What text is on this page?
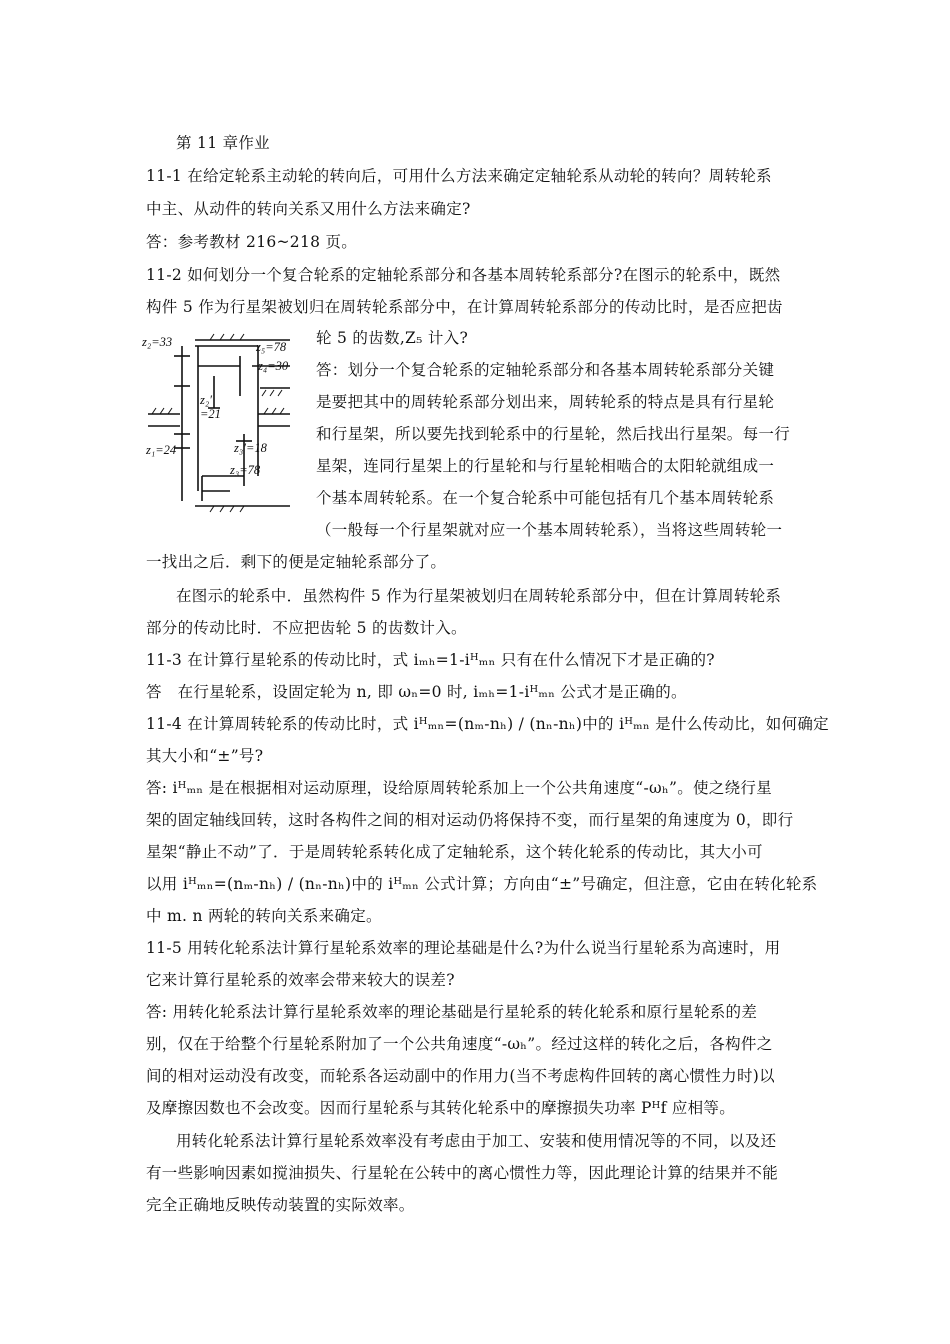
第 11 章作业
11-1 在给定轮系主动轮的转向后，可用什么方法来确定定轴轮系从动轮的转向？周转轮系
中主、从动件的转向关系又用什么方法来确定?
答：参考教材 216~218 页。
11-2 如何划分一个复合轮系的定轴轮系部分和各基本周转轮系部分?在图示的轮系中，既然
构件 5 作为行星架被划归在周转轮系部分中，在计算周转轮系部分的传动比时，是否应把齿
轮 5 的齿数,Z₅ 计入?
答：划分一个复合轮系的定轴轮系部分和各基本周转轮系部分关键
是要把其中的周转轮系部分划出来，周转轮系的特点是具有行星轮
和行星架，所以要先找到轮系中的行星轮，然后找出行星架。每一行
星架，连同行星架上的行星轮和与行星轮相啮合的太阳轮就组成一
个基本周转轮系。在一个复合轮系中可能包括有几个基本周转轮系
（一般每一个行星架就对应一个基本周转轮系），当将这些周转轮一
一找出之后．剩下的便是定轴轮系部分了。
在图示的轮系中．虽然构件 5 作为行星架被划归在周转轮系部分中，但在计算周转轮系
部分的传动比时．不应把齿轮 5 的齿数计入。
11-3 在计算行星轮系的传动比时，式 iₘₕ=1-iᴴₘₙ 只有在什么情况下才是正确的?
答　在行星轮系，设固定轮为 n, 即 ωₙ=0 时, iₘₕ=1-iᴴₘₙ 公式才是正确的。
11-4 在计算周转轮系的传动比时，式 iᴴₘₙ=(nₘ-nₕ) / (nₙ-nₕ)中的 iᴴₘₙ 是什么传动比，如何确定
其大小和“±”号?
答: iᴴₘₙ 是在根据相对运动原理，设给原周转轮系加上一个公共角速度“-ωₕ”。使之绕行星
架的固定轴线回转，这时各构件之间的相对运动仍将保持不变，而行星架的角速度为 0，即行
星架“静止不动”了．于是周转轮系转化成了定轴轮系，这个转化轮系的传动比，其大小可
以用 iᴴₘₙ=(nₘ-nₕ) / (nₙ-nₕ)中的 iᴴₘₙ 公式计算；方向由“±”号确定，但注意，它由在转化轮系
中 m. n 两轮的转向关系来确定。
11-5 用转化轮系法计算行星轮系效率的理论基础是什么?为什么说当行星轮系为高速时，用
它来计算行星轮系的效率会带来较大的误差?
答: 用转化轮系法计算行星轮系效率的理论基础是行星轮系的转化轮系和原行星轮系的差
别，仅在于给整个行星轮系附加了一个公共角速度“-ωₕ”。经过这样的转化之后，各构件之
间的相对运动没有改变，而轮系各运动副中的作用力(当不考虑构件回转的离心惯性力时)以
及摩擦因数也不会改变。因而行星轮系与其转化轮系中的摩擦损失功率 Pᴴf 应相等。
用转化轮系法计算行星轮系效率没有考虑由于加工、安装和使用情况等的不同，以及还
有一些影响因素如搅油损失、行星轮在公转中的离心惯性力等，因此理论计算的结果并不能
完全正确地反映传动装置的实际效率。
z₂=33	z₅=78
z₄=30
z₂′
=21
z₃′=18
z₁=24
z₃=78
